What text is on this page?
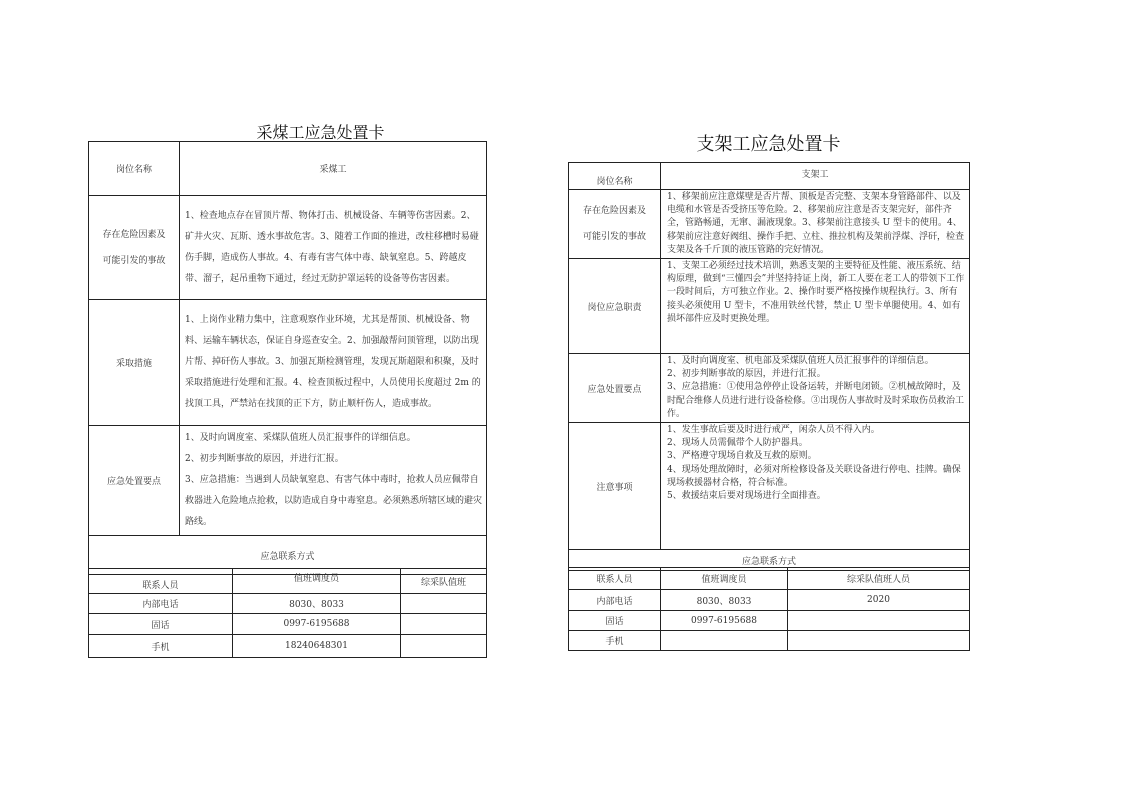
采煤工应急处置卡
岗位名称	采煤工

存在危险因素及
可能引发的事故	1、检查地点存在冒顶片帮、物体打击、机械设备、车辆等伤害因素。2、矿井火灾、瓦斯、透水事故危害。3、随着工作面的推进，改柱移槽时易碰伤手脚，造成伤人事故。4、有毒有害气体中毒、缺氧窒息。5、跨越皮带、溜子，起吊重物下通过，经过无防护罩运转的设备等伤害因素。
采取措施	1、上岗作业精力集中，注意观察作业环境，尤其是帮顶、机械设备、物料、运输车辆状态，保证自身巡查安全。2、加强敲帮问顶管理，以防出现片帮、掉矸伤人事故。3、加强瓦斯检测管理，发现瓦斯超限和积聚，及时采取措施进行处理和汇报。4、检查顶板过程中，人员使用长度超过 2m 的找顶工具，严禁站在找顶的正下方，防止顺杆伤人，造成事故。
应急处置要点	1、及时向调度室、采煤队值班人员汇报事件的详细信息。
2、初步判断事故的原因，并进行汇报。
3、应急措施：当遇到人员缺氧窒息、有害气体中毒时，抢救人员应佩带自救器进入危险地点抢救，以防造成自身中毒窒息。必须熟悉所辖区域的避灾路线。

应急联系方式	
联系人员	值班调度员	综采队值班
内部电话	8030、8033	
固话	0997-6195688	
手机	18240648301	
支架工应急处置卡
岗位名称	支架工

存在危险因素及
可能引发的事故	1、移架前应注意煤壁是否片帮、顶板是否完整、支架本身管路部件、以及电缆和水管是否受挤压等危险。2、移架前应注意是否支架完好，部件齐全，管路畅通，无窜、漏液现象。3、移架前注意接头 U 型卡的使用。4、移架前应注意好阀组、操作手把、立柱、推拉机构及架前浮煤、浮矸，检查支架及各千斤顶的液压管路的完好情况。
岗位应急职责	1、支架工必须经过技术培训，熟悉支架的主要特征及性能、液压系统、结构原理，做到“三懂四会”并坚持持证上岗，新工人要在老工人的带领下工作一段时间后，方可独立作业。2、操作时要严格按操作规程执行。3、所有接头必须使用 U 型卡，不准用铁丝代替，禁止 U 型卡单腿使用。4、如有损坏部件应及时更换处理。
应急处置要点	1、及时向调度室、机电部及采煤队值班人员汇报事件的详细信息。
2、初步判断事故的原因，并进行汇报。
3、应急措施：①使用急停停止设备运转，并断电闭锁。②机械故障时，及时配合维修人员进行进行设备检修。③出现伤人事故时及时采取伤员救治工作。

注意事项	1、发生事故后要及时进行戒严，闲杂人员不得入内。
2、现场人员需佩带个人防护器具。
3、严格遵守现场自救及互救的原则。
4、现场处理故障时，必须对所检修设备及关联设备进行停电、挂牌。确保现场救援器材合格，符合标准。
5、救援结束后要对现场进行全面排查。

应急联系方式	
联系人员	值班调度员	综采队值班人员
内部电话	8030、8033	2020
固话	0997-6195688	
手机		
